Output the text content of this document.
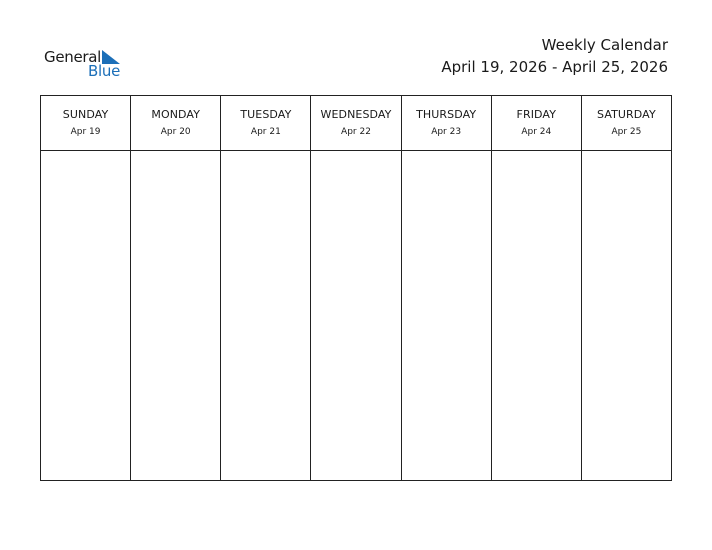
General
Blue
Weekly Calendar
April 19, 2026 - April 25, 2026
SUNDAY
Apr 19
MONDAY
Apr 20
TUESDAY
Apr 21
WEDNESDAY
Apr 22
THURSDAY
Apr 23
FRIDAY
Apr 24
SATURDAY
Apr 25
